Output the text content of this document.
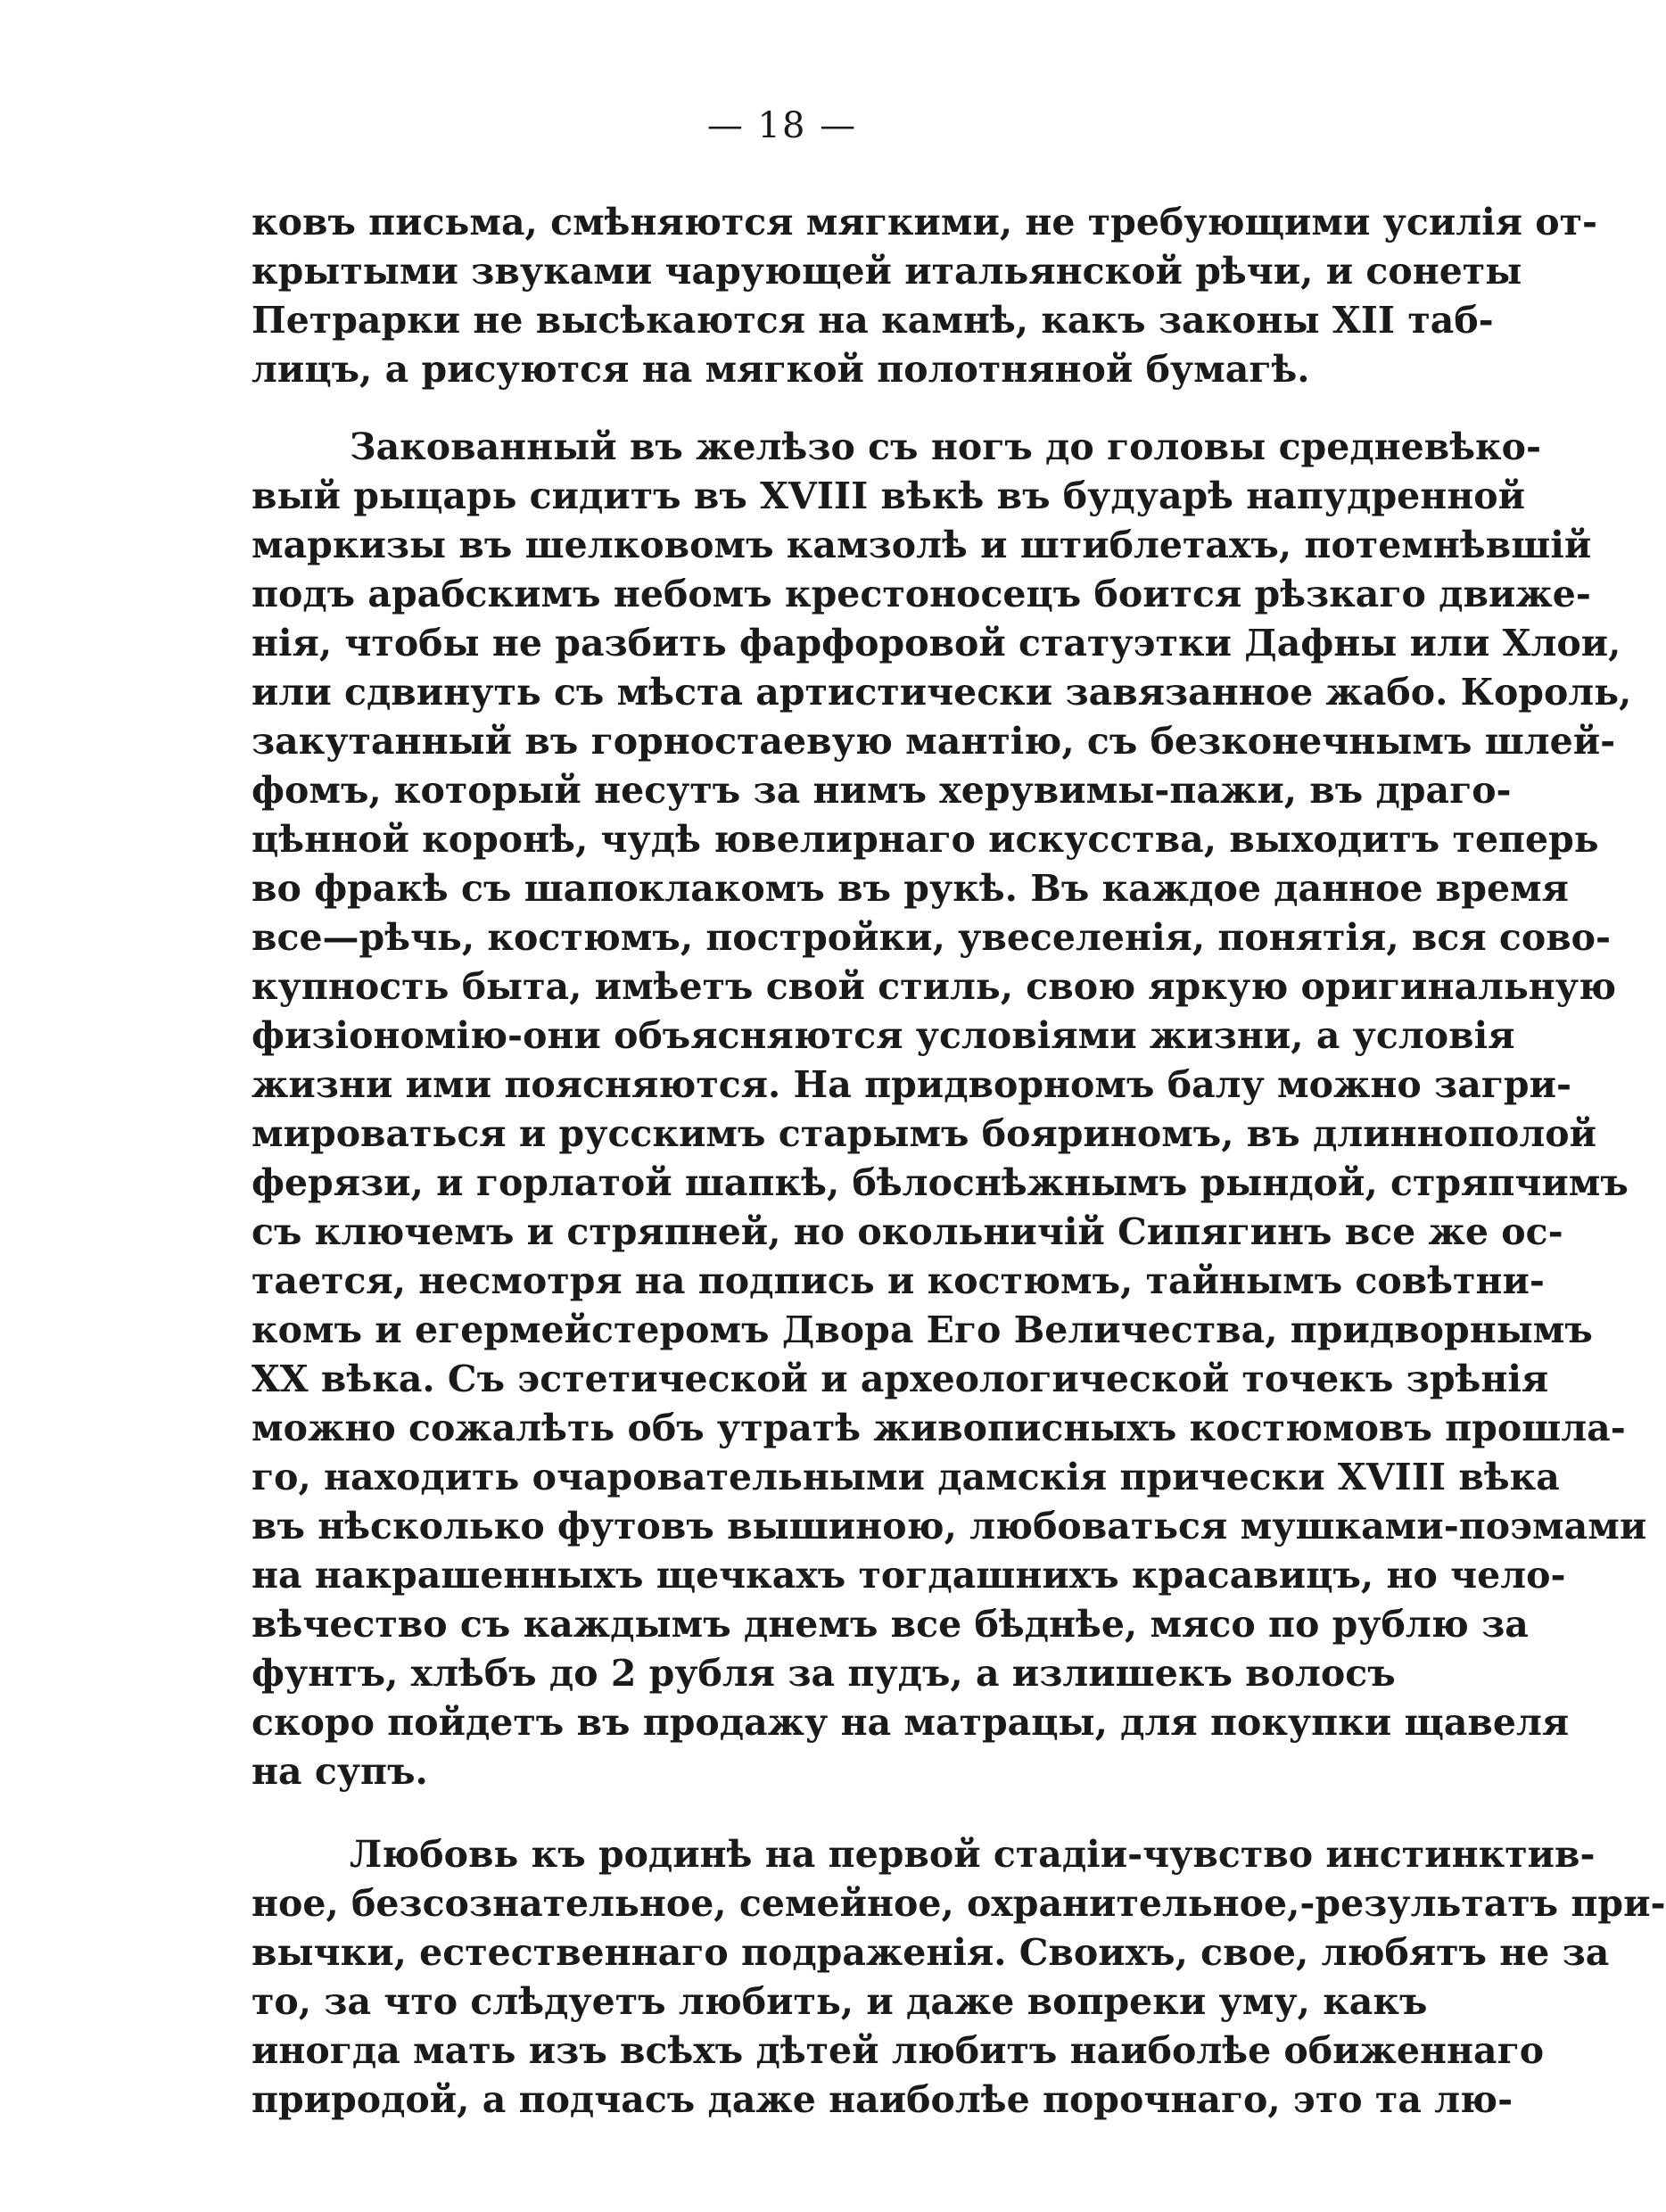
— 18 —
ковъ письма, смѣняются мягкими, не требующими усилія от-
крытыми звуками чарующей итальянской рѣчи, и сонеты
Петрарки не высѣкаются на камнѣ, какъ законы XII таб-
лицъ, а рисуются на мягкой полотняной бумагѣ.
Закованный въ желѣзо съ ногъ до головы средневѣко-
вый рыцарь сидитъ въ XVIII вѣкѣ въ будуарѣ напудренной
маркизы въ шелковомъ камзолѣ и штиблетахъ, потемнѣвшій
подъ арабскимъ небомъ крестоносецъ боится рѣзкаго движе-
нія, чтобы не разбить фарфоровой статуэтки Дафны или Хлои,
или сдвинуть съ мѣста артистически завязанное жабо. Король,
закутанный въ горностаевую мантію, съ безконечнымъ шлей-
фомъ, который несутъ за нимъ херувимы-пажи, въ драго-
цѣнной коронѣ, чудѣ ювелирнаго искусства, выходитъ теперь
во фракѣ съ шапоклакомъ въ рукѣ. Въ каждое данное время
все—рѣчь, костюмъ, постройки, увеселенія, понятія, вся сово-
купность быта, имѣетъ свой стиль, свою яркую оригинальную
физіономію-они объясняются условіями жизни, а условія
жизни ими поясняются. На придворномъ балу можно загри-
мироваться и русскимъ старымъ бояриномъ, въ длиннополой
ферязи, и горлатой шапкѣ, бѣлоснѣжнымъ рындой, стряпчимъ
съ ключемъ и стряпней, но окольничій Сипягинъ все же ос-
тается, несмотря на подпись и костюмъ, тайнымъ совѣтни-
комъ и егермейстеромъ Двора Его Величества, придворнымъ
XX вѣка. Съ эстетической и археологической точекъ зрѣнія
можно сожалѣть объ утратѣ живописныхъ костюмовъ прошла-
го, находить очаровательными дамскія прически XVIII вѣка
въ нѣсколько футовъ вышиною, любоваться мушками-поэмами
на накрашенныхъ щечкахъ тогдашнихъ красавицъ, но чело-
вѣчество съ каждымъ днемъ все бѣднѣе, мясо по рублю за
фунтъ, хлѣбъ до 2 рубля за пудъ, а излишекъ волосъ
скоро пойдетъ въ продажу на матрацы, для покупки щавеля
на супъ.
Любовь къ родинѣ на первой стадіи-чувство инстинктив-
ное, безсознательное, семейное, охранительное,-результатъ при-
вычки, естественнаго подраженія. Своихъ, свое, любятъ не за
то, за что слѣдуетъ любить, и даже вопреки уму, какъ
иногда мать изъ всѣхъ дѣтей любитъ наиболѣе обиженнаго
природой, а подчасъ даже наиболѣе порочнаго, это та лю-
